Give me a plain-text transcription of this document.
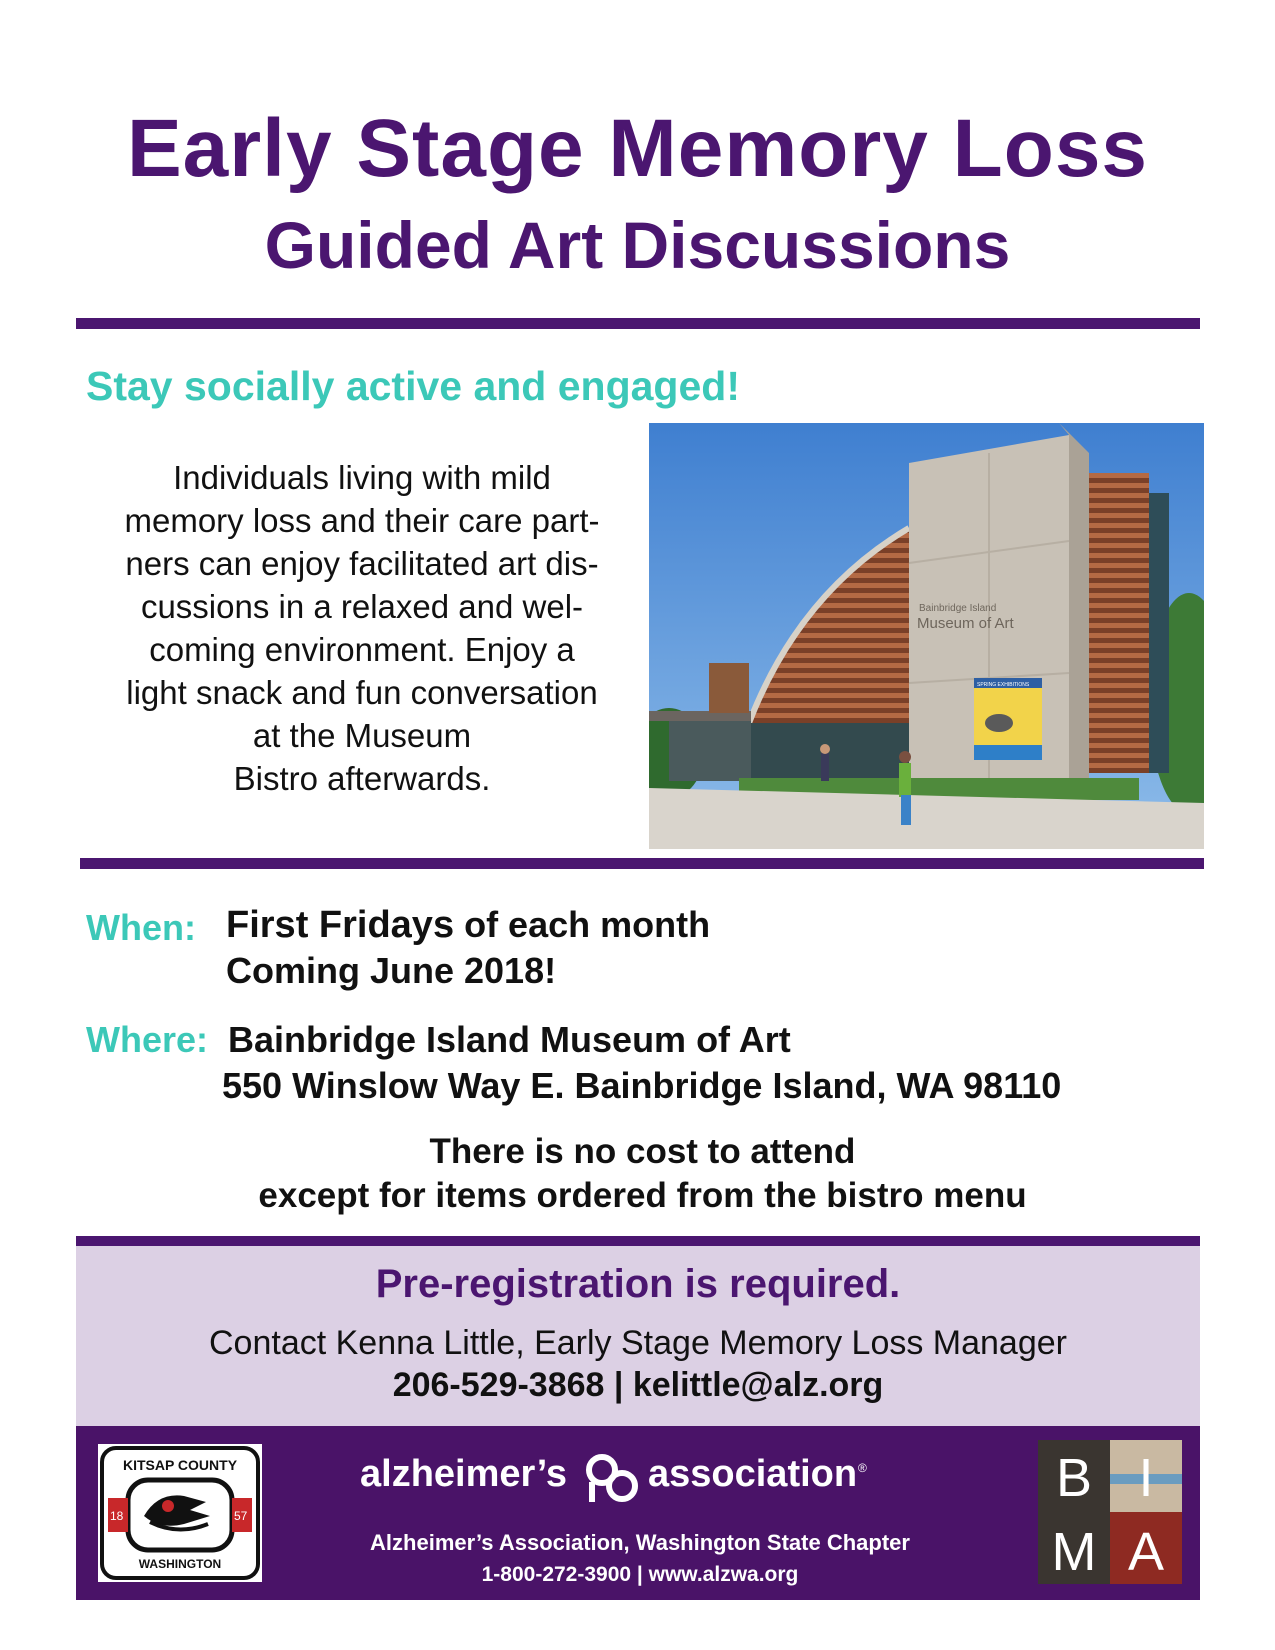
Early Stage Memory Loss
Guided Art Discussions
Stay socially active and engaged!
Individuals living with mild
memory loss and their care part-
ners can enjoy facilitated art dis-
cussions in a relaxed and wel-
coming environment. Enjoy a
light snack and fun conversation
at the Museum
Bistro afterwards.
Bainbridge Island
Museum of Art
SPRING EXHIBITIONS
When: First Fridays of each month
Coming June 2018!
Where: Bainbridge Island Museum of Art
550 Winslow Way E. Bainbridge Island, WA 98110
There is no cost to attend
except for items ordered from the bistro menu
Pre-registration is required.
Contact Kenna Little, Early Stage Memory Loss Manager
206-529-3868 | kelittle@alz.org
KITSAP COUNTY
WASHINGTON
18	57
alzheimer’s association ®
Alzheimer’s Association, Washington State Chapter
1-800-272-3900 | www.alzwa.org
B I
M A
